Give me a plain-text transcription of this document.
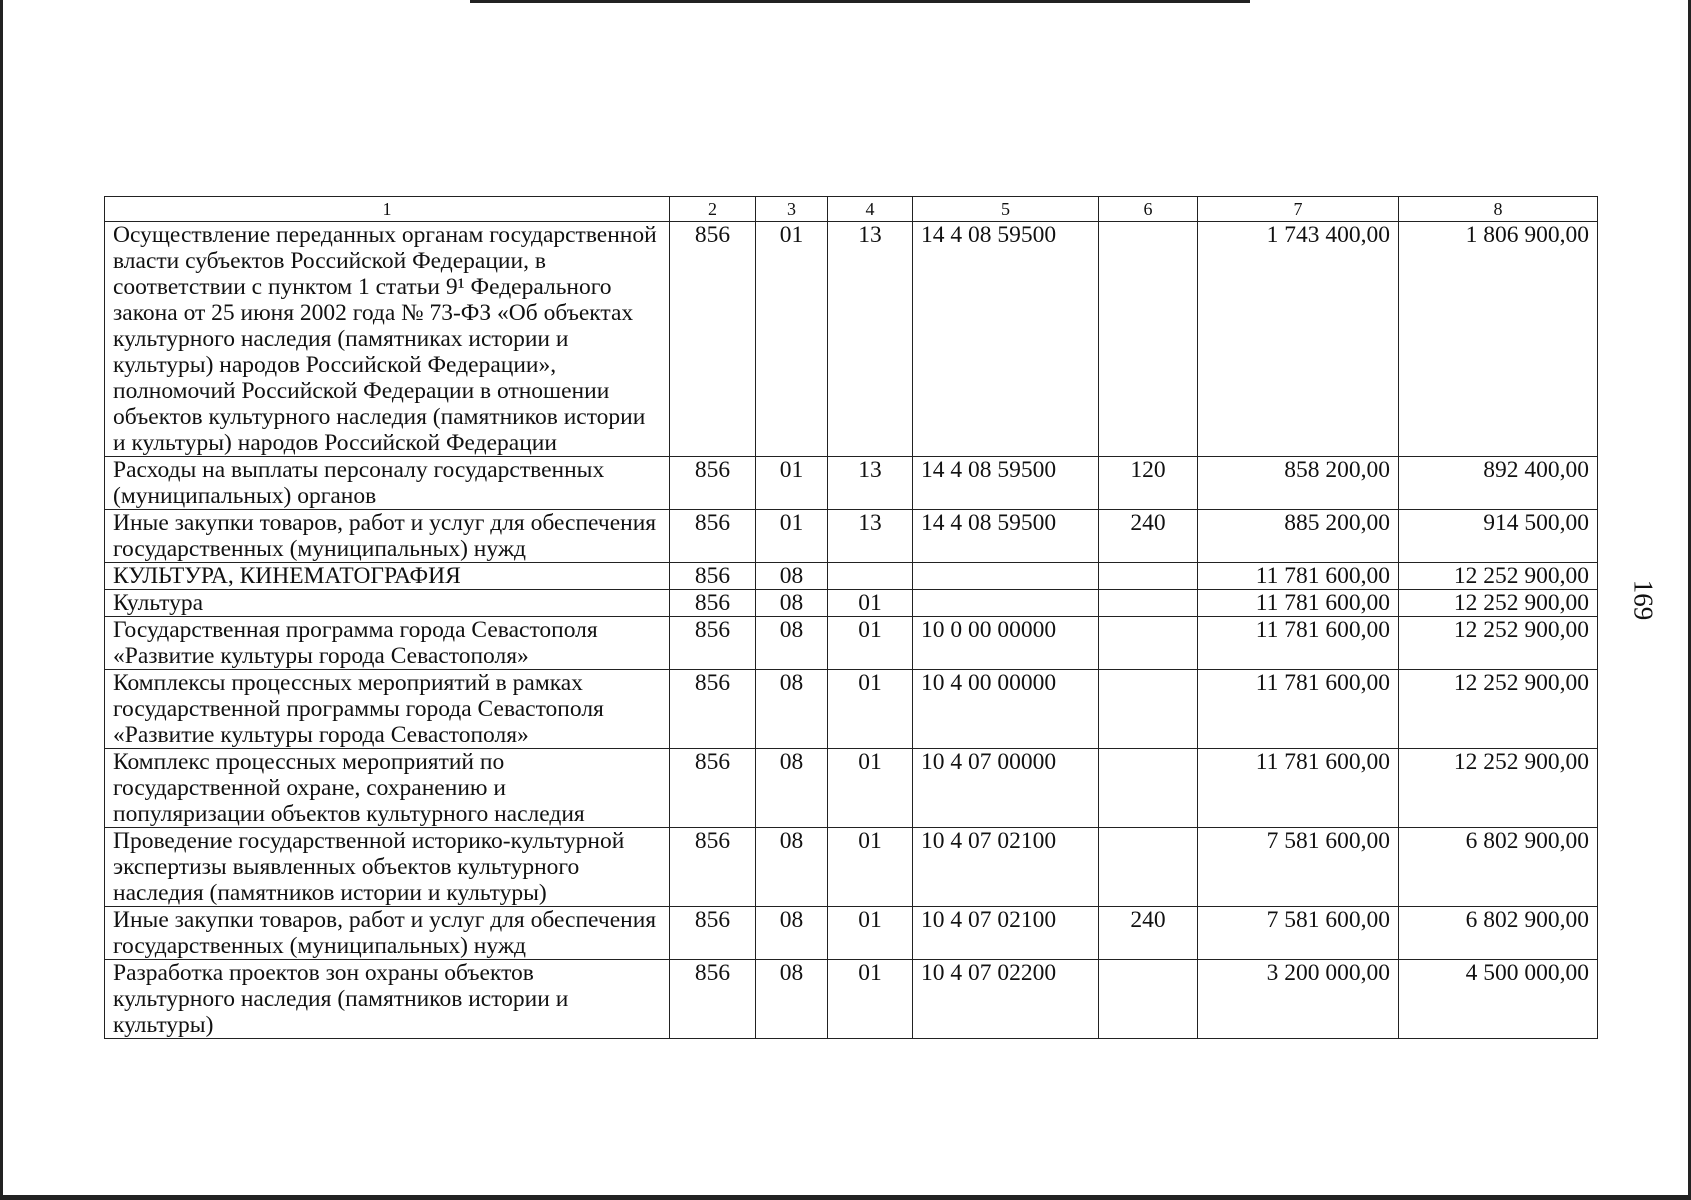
1	2	3	4	5	6	7	8
Осуществление переданных органам государственной власти субъектов Российской Федерации, в соответствии с пунктом 1 статьи 9¹ Федерального закона от 25 июня 2002 года № 73-ФЗ «Об объектах культурного наследия (памятниках истории и культуры) народов Российской Федерации», полномочий Российской Федерации в отношении объектов культурного наследия (памятников истории и культуры) народов Российской Федерации	856	01	13	14 4 08 59500		1 743 400,00	1 806 900,00
Расходы на выплаты персоналу государственных (муниципальных) органов	856	01	13	14 4 08 59500	120	858 200,00	892 400,00
Иные закупки товаров, работ и услуг для обеспечения государственных (муниципальных) нужд	856	01	13	14 4 08 59500	240	885 200,00	914 500,00
КУЛЬТУРА, КИНЕМАТОГРАФИЯ	856	08				11 781 600,00	12 252 900,00
Культура	856	08	01			11 781 600,00	12 252 900,00
Государственная программа города Севастополя «Развитие культуры города Севастополя»	856	08	01	10 0 00 00000		11 781 600,00	12 252 900,00
Комплексы процессных мероприятий в рамках государственной программы города Севастополя «Развитие культуры города Севастополя»	856	08	01	10 4 00 00000		11 781 600,00	12 252 900,00
Комплекс процессных мероприятий по государственной охране, сохранению и популяризации объектов культурного наследия	856	08	01	10 4 07 00000		11 781 600,00	12 252 900,00
Проведение государственной историко-культурной экспертизы выявленных объектов культурного наследия (памятников истории и культуры)	856	08	01	10 4 07 02100		7 581 600,00	6 802 900,00
Иные закупки товаров, работ и услуг для обеспечения государственных (муниципальных) нужд	856	08	01	10 4 07 02100	240	7 581 600,00	6 802 900,00
Разработка проектов зон охраны объектов культурного наследия (памятников истории и культуры)	856	08	01	10 4 07 02200		3 200 000,00	4 500 000,00
169
